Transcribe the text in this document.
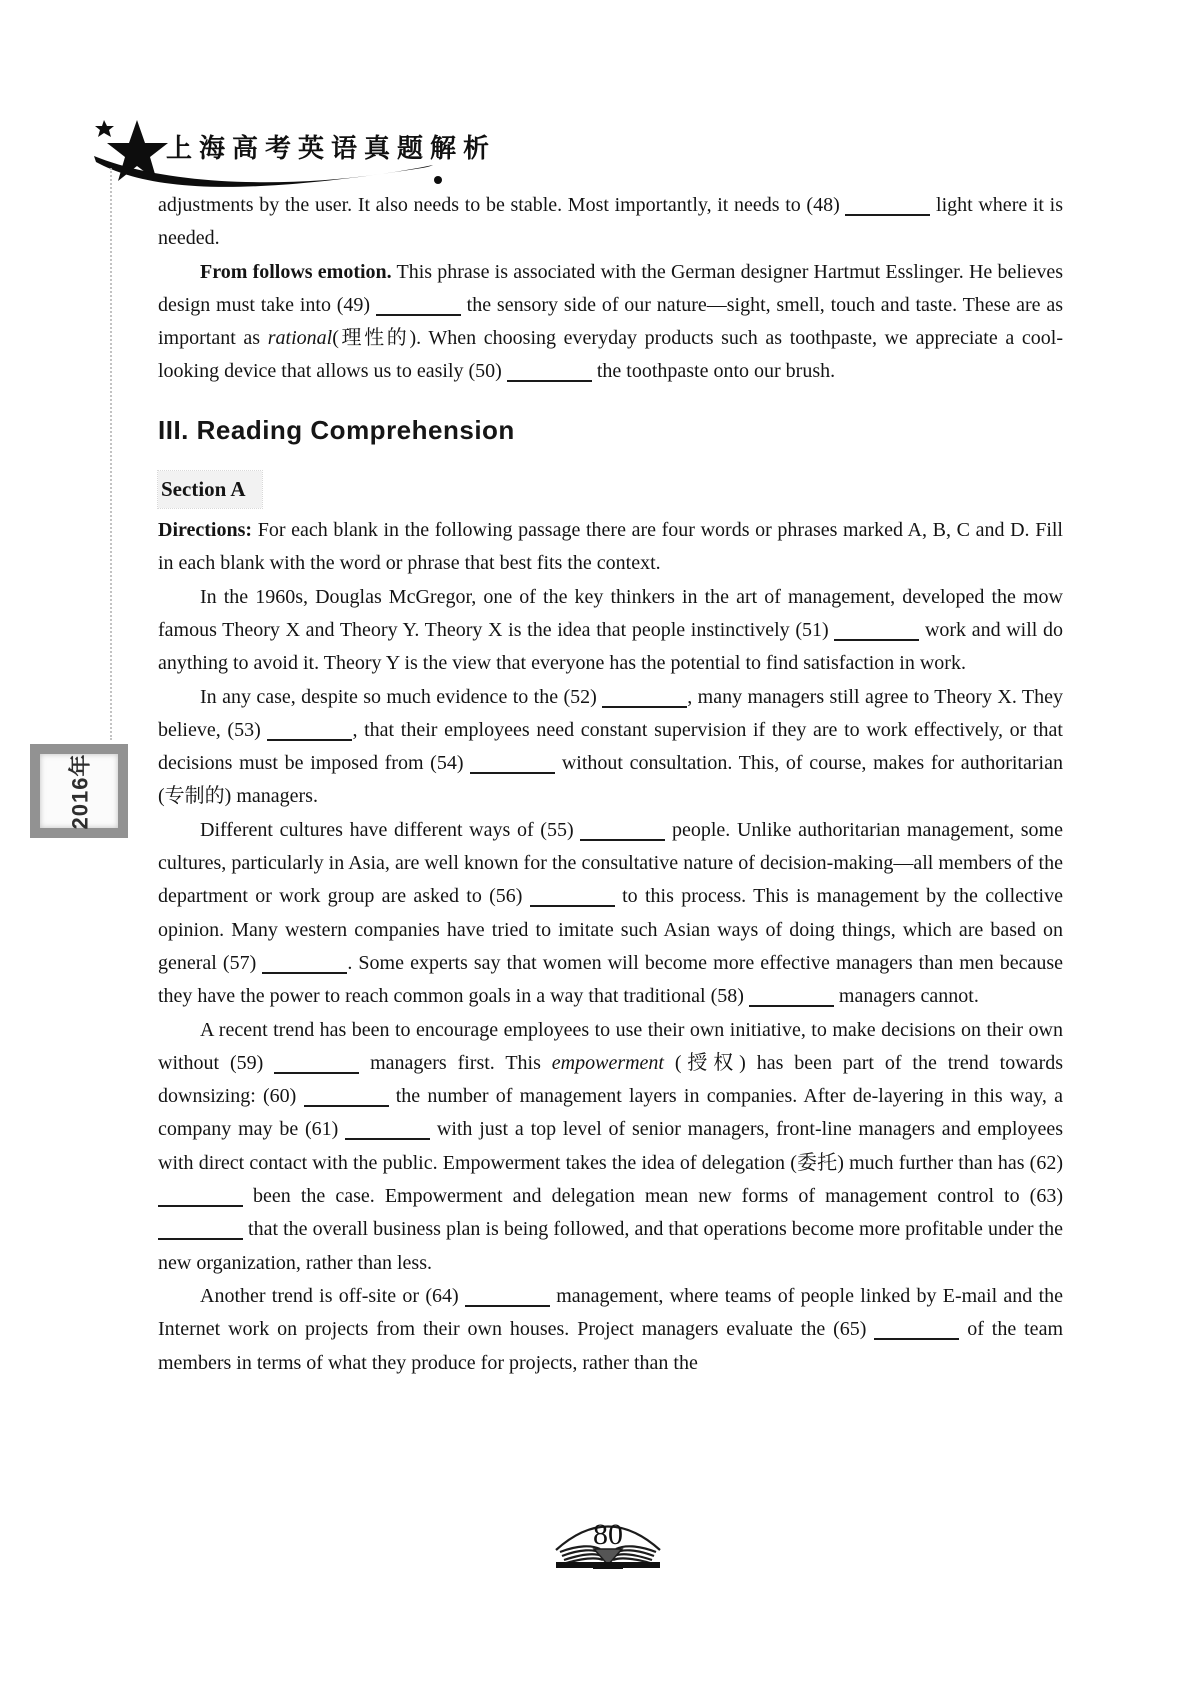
上海高考英语真题解析
2016年

adjustments by the user. It also needs to be stable. Most importantly, it needs to (48)	light where it is needed.

From follows emotion. This phrase is associated with the German designer Hartmut Esslinger. He believes design must take into (49)	the sensory side of our nature—sight, smell, touch and taste. These are as important as rational(理性的). When choosing everyday products such as toothpaste, we appreciate a cool-looking device that allows us to easily (50)	the toothpaste onto our brush.

III. Reading Comprehension
Section A

Directions: For each blank in the following passage there are four words or phrases marked A, B, C and D. Fill in each blank with the word or phrase that best fits the context.

In the 1960s, Douglas McGregor, one of the key thinkers in the art of management, developed the mow famous Theory X and Theory Y. Theory X is the idea that people instinctively (51)	work and will do anything to avoid it. Theory Y is the view that everyone has the potential to find satisfaction in work.

In any case, despite so much evidence to the (52)	, many managers still agree to Theory X. They believe, (53)	, that their employees need constant supervision if they are to work effectively, or that decisions must be imposed from (54)	without consultation. This, of course, makes for authoritarian (专制的) managers.

Different cultures have different ways of (55)	people. Unlike authoritarian management, some cultures, particularly in Asia, are well known for the consultative nature of decision-making—all members of the department or work group are asked to (56)	to this process. This is management by the collective opinion. Many western companies have tried to imitate such Asian ways of doing things, which are based on general (57)	. Some experts say that women will become more effective managers than men because they have the power to reach common goals in a way that traditional (58)	managers cannot.

A recent trend has been to encourage employees to use their own initiative, to make decisions on their own without (59)	managers first. This empowerment (授权) has been part of the trend towards downsizing: (60)	the number of management layers in companies. After de-layering in this way, a company may be (61)	with just a top level of senior managers, front-line managers and employees with direct contact with the public. Empowerment takes the idea of delegation (委托) much further than has (62)  been the case. Empowerment and delegation mean new forms of management control to (63)  that the overall business plan is being followed, and that operations become more profitable under the new organization, rather than less.

Another trend is off-site or (64)	management, where teams of people linked by E-mail and the Internet work on projects from their own houses. Project managers evaluate the (65)	of the team members in terms of what they produce for projects, rather than the

80
